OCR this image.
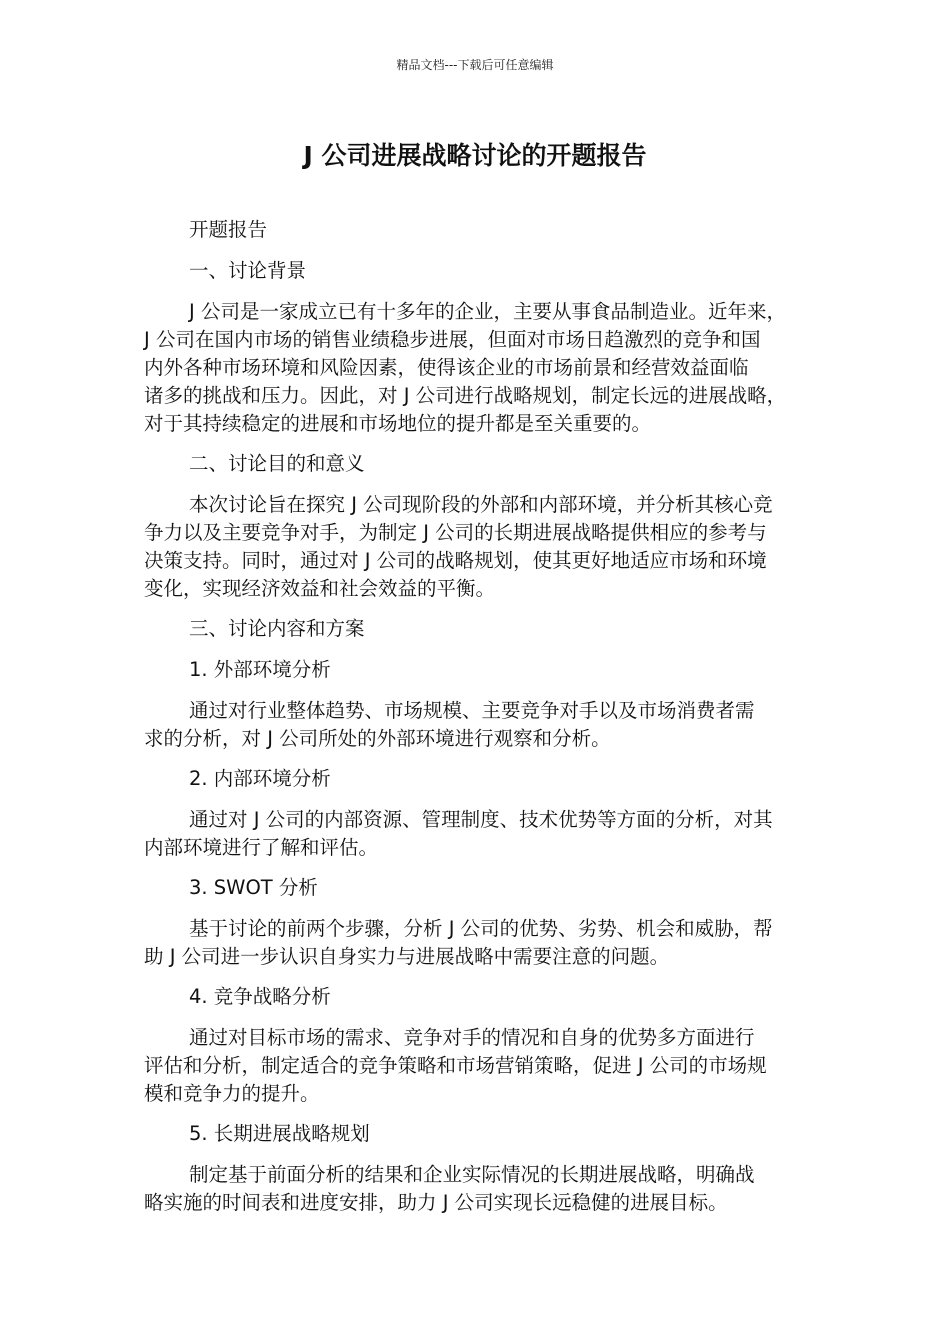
精品文档---下载后可任意编辑
J 公司进展战略讨论的开题报告

开题报告

一、讨论背景

J 公司是一家成立已有十多年的企业，主要从事食品制造业。近年来，

J 公司在国内市场的销售业绩稳步进展，但面对市场日趋激烈的竞争和国

内外各种市场环境和风险因素，使得该企业的市场前景和经营效益面临

诸多的挑战和压力。因此，对 J 公司进行战略规划，制定长远的进展战略，

对于其持续稳定的进展和市场地位的提升都是至关重要的。

二、讨论目的和意义

本次讨论旨在探究 J 公司现阶段的外部和内部环境，并分析其核心竞

争力以及主要竞争对手，为制定 J 公司的长期进展战略提供相应的参考与

决策支持。同时，通过对 J 公司的战略规划，使其更好地适应市场和环境

变化，实现经济效益和社会效益的平衡。

三、讨论内容和方案

1. 外部环境分析

通过对行业整体趋势、市场规模、主要竞争对手以及市场消费者需

求的分析，对 J 公司所处的外部环境进行观察和分析。

2. 内部环境分析

通过对 J 公司的内部资源、管理制度、技术优势等方面的分析，对其

内部环境进行了解和评估。

3. SWOT 分析

基于讨论的前两个步骤，分析 J 公司的优势、劣势、机会和威胁，帮

助 J 公司进一步认识自身实力与进展战略中需要注意的问题。

4. 竞争战略分析

通过对目标市场的需求、竞争对手的情况和自身的优势多方面进行

评估和分析，制定适合的竞争策略和市场营销策略，促进 J 公司的市场规

模和竞争力的提升。

5. 长期进展战略规划

制定基于前面分析的结果和企业实际情况的长期进展战略，明确战

略实施的时间表和进度安排，助力 J 公司实现长远稳健的进展目标。
